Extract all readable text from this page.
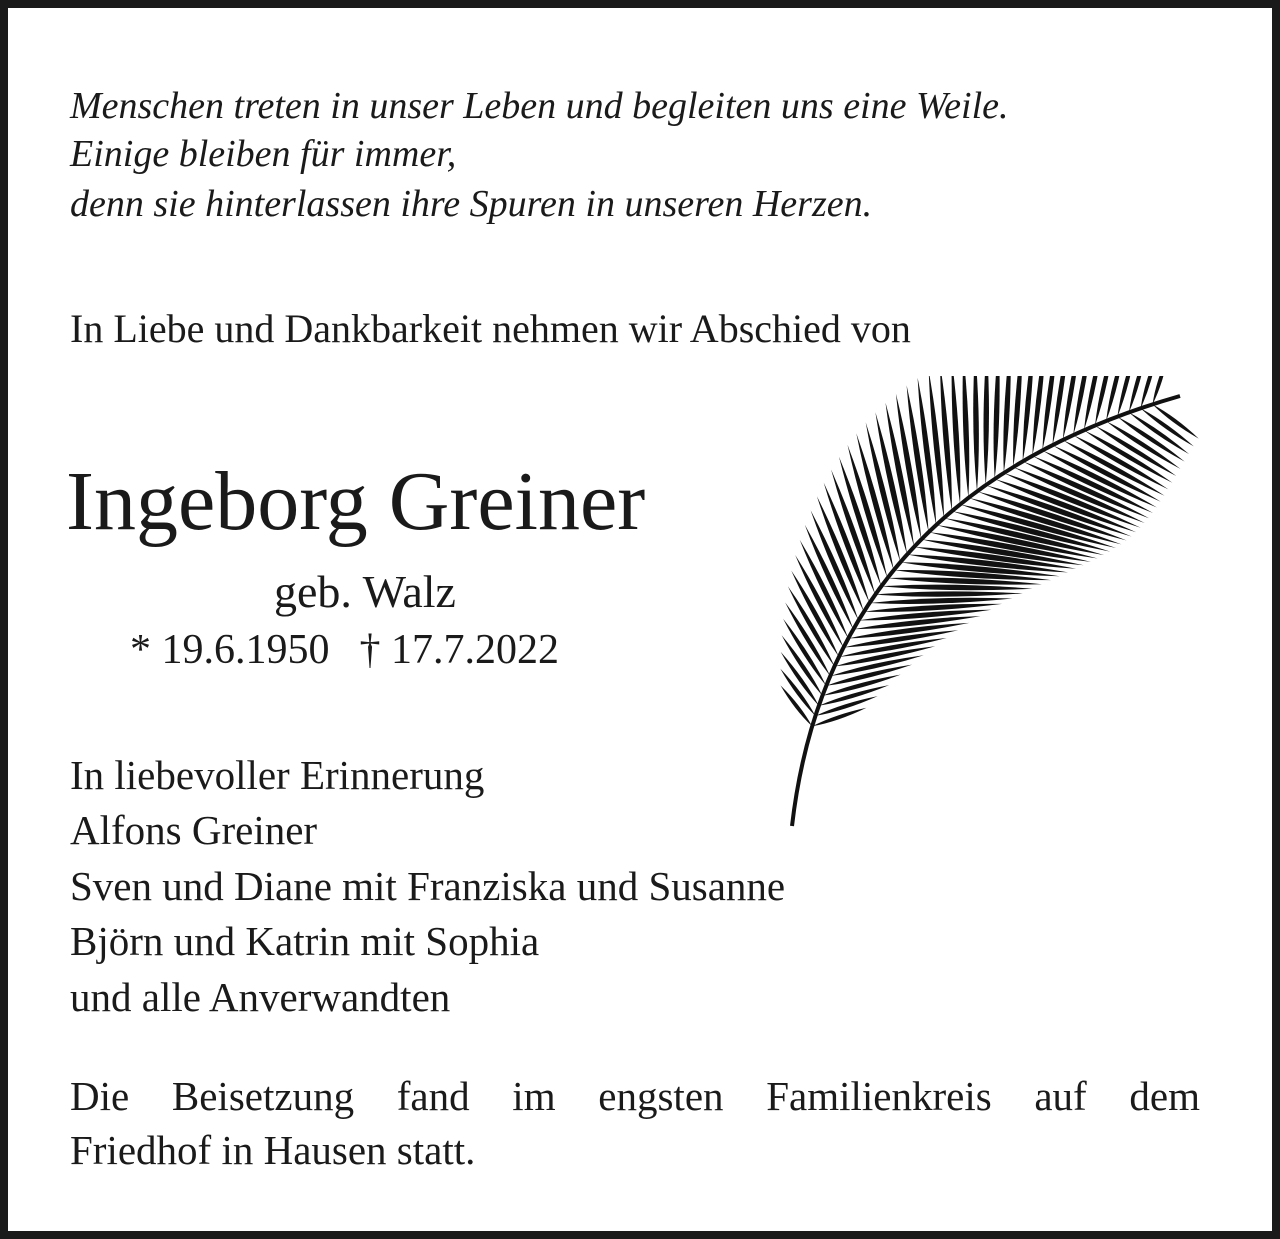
Menschen treten in unser Leben und begleiten uns eine Weile.

Einige bleiben für immer,

denn sie hinterlassen ihre Spuren in unseren Herzen.

In Liebe und Dankbarkeit nehmen wir Abschied von

Ingeborg Greiner

geb. Walz

* 19.6.1950 † 17.7.2022

In liebevoller Erinnerung

Alfons Greiner

Sven und Diane mit Franziska und Susanne

Björn und Katrin mit Sophia

und alle Anverwandten

Die Beisetzung fand im engsten Familienkreis auf dem
Friedhof in Hausen statt.
